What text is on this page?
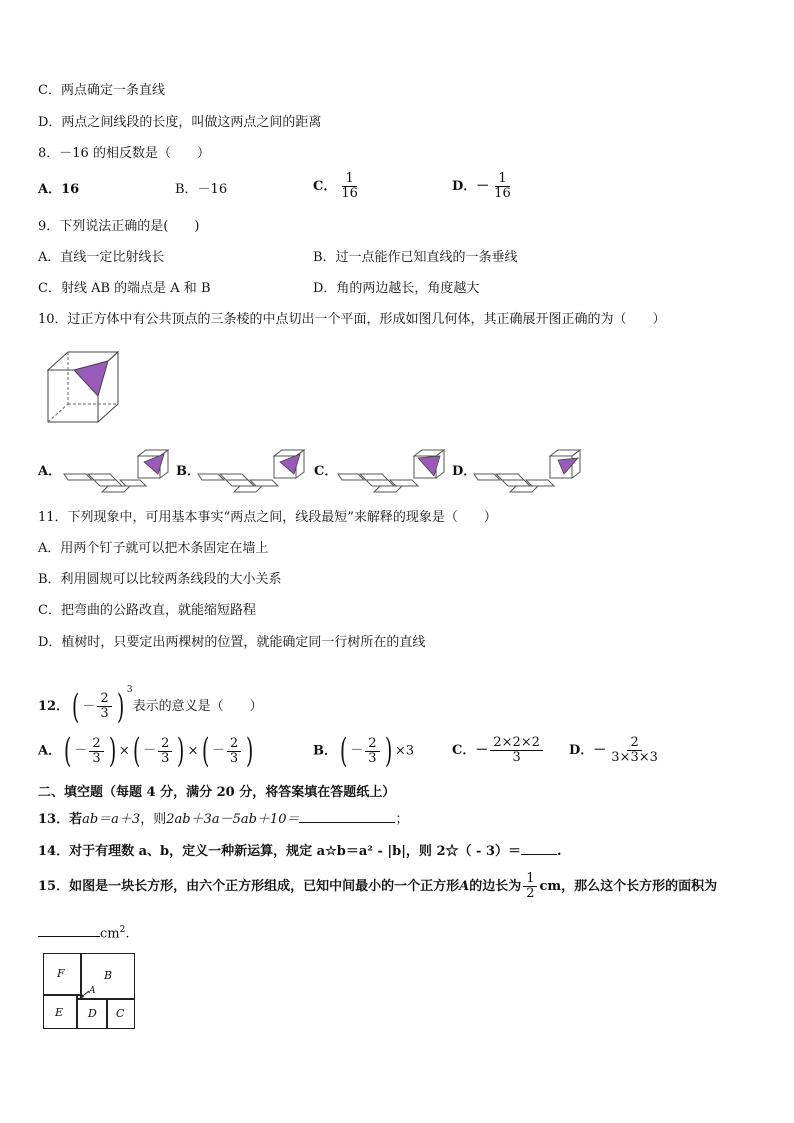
C．两点确定一条直线
D．两点之间线段的长度，叫做这两点之间的距离
8．－16 的相反数是（　　）
A．16	B．－16	C． $\frac{1}{16}$	D．－ $\frac{1}{16}$
9．下列说法正确的是(　　)
A．直线一定比射线长	B．过一点能作已知直线的一条垂线
C．射线 AB 的端点是 A 和 B	D．角的两边越长，角度越大
10．过正方体中有公共顶点的三条棱的中点切出一个平面，形成如图几何体，其正确展开图正确的为（　　）
A．	B．	C．	D．
11．下列现象中，可用基本事实“两点之间，线段最短”来解释的现象是（　　）
A．用两个钉子就可以把木条固定在墙上
B．利用圆规可以比较两条线段的大小关系
C．把弯曲的公路改直，就能缩短路程
D．植树时，只要定出两棵树的位置，就能确定同一行树所在的直线
12． ( － $\frac{2}{3}$ ) $^3$表示的意义是（　　）
A． ( － $\frac{2}{3}$ ) × ( － $\frac{2}{3}$ ) × ( － $\frac{2}{3}$ )	B． ( － $\frac{2}{3}$ ) ×3	C．－ $\frac{2\times 2\times 2}{3}$ D．－ $\frac{2}{3\times 3\times 3}$
二、填空题（每题 4 分，满分 20 分，将答案填在答题纸上）
13．若ab＝a＋3，则2ab＋3a－5ab＋10＝	；
14．对于有理数 a、b，定义一种新运算，规定 a☆b＝a² - |b|，则 2☆（ - 3）＝	.
15．如图是一块长方形，由六个正方形组成，已知中间最小的一个正方形A的边长为 $\frac{1}{2}$ cm，那么这个长方形的面积为
$cm^2$.
F	B
A
E D C
